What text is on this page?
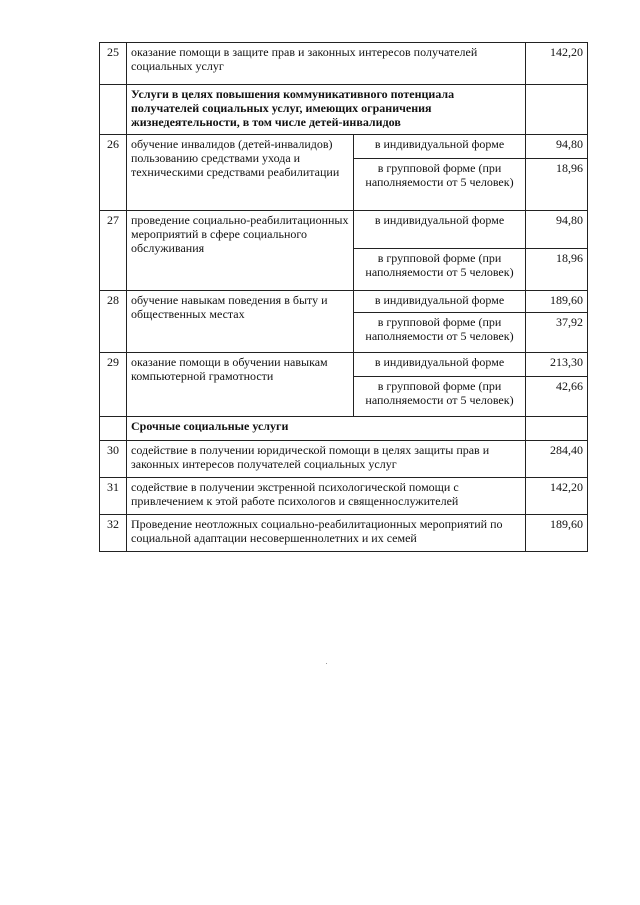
25	оказание помощи в защите прав и законных интересов получателей социальных услуг		142,20
	Услуги в целях повышения коммуникативного потенциала получателей социальных услуг, имеющих ограничения жизнедеятельности, в том числе детей-инвалидов		
26	обучение инвалидов (детей-инвалидов) пользованию средствами ухода и техническими средствами реабилитации	в индивидуальной форме	94,80
		в групповой форме (при наполняемости от 5 человек)	18,96
27	проведение социально-реабилитационных мероприятий в сфере социального обслуживания	в индивидуальной форме	94,80
		в групповой форме (при наполняемости от 5 человек)	18,96
28	обучение навыкам поведения в быту и общественных местах	в индивидуальной форме	189,60
		в групповой форме (при наполняемости от 5 человек)	37,92
29	оказание помощи в обучении навыкам компьютерной грамотности	в индивидуальной форме	213,30
		в групповой форме (при наполняемости от 5 человек)	42,66
	Срочные социальные услуги		
30	содействие в получении юридической помощи в целях защиты прав и законных интересов получателей социальных услуг		284,40
31	содействие в получении экстренной психологической помощи с привлечением к этой работе психологов и священнослужителей		142,20
32	Проведение неотложных социально-реабилитационных мероприятий по социальной адаптации несовершеннолетних и их семей		189,60
